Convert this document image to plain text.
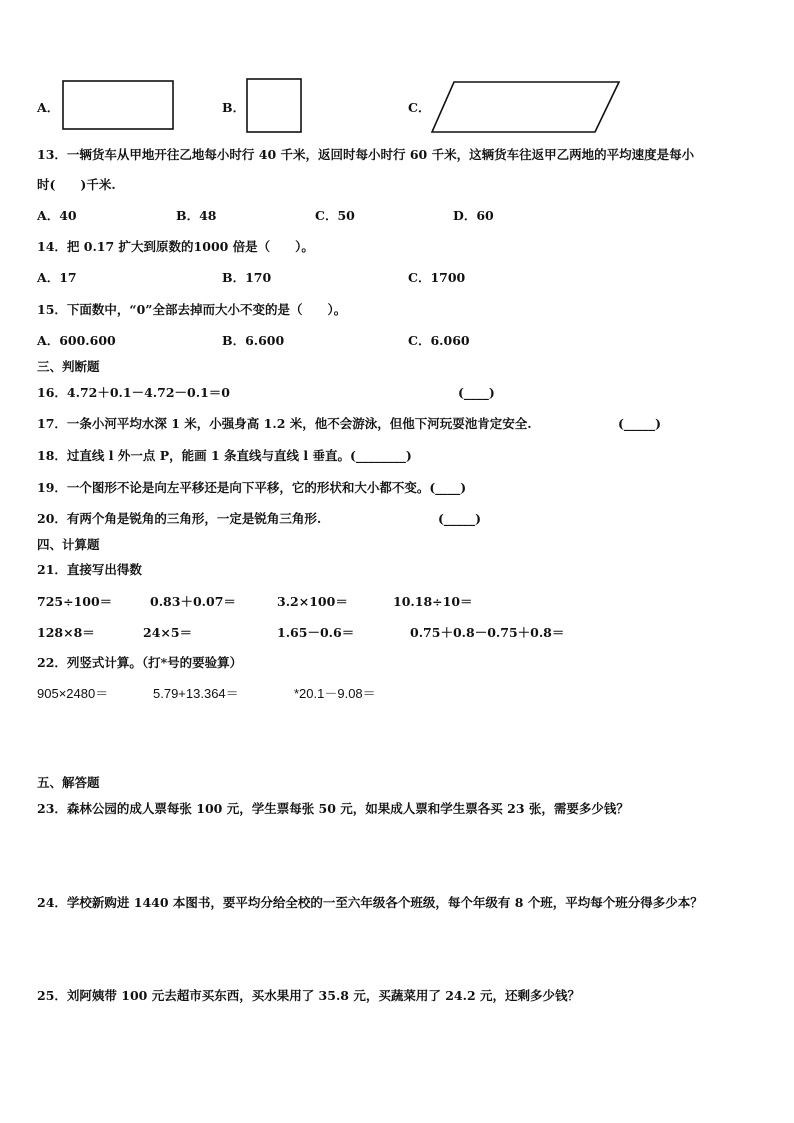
A．	B．	C．
13．一辆货车从甲地开往乙地每小时行 40 千米，返回时每小时行 60 千米，这辆货车往返甲乙两地的平均速度是每小
时(　　)千米.
A．40	B．48	C．50	D．60
14．把 0.17 扩大到原数的1000 倍是（　　）。
A．17	B．170	C．1700
15．下面数中，“0”全部去掉而大小不变的是（　　）。
A．600.600	B．6.600	C．6.060
三、判断题
16．4.72＋0.1－4.72－0.1＝0	(____)
17．一条小河平均水深 1 米，小强身高 1.2 米，他不会游泳，但他下河玩耍池肯定安全.	(_____)
18．过直线 l 外一点 P，能画 1 条直线与直线 l 垂直。(________)
19．一个图形不论是向左平移还是向下平移，它的形状和大小都不变。(____)
20．有两个角是锐角的三角形，一定是锐角三角形.	(_____)
四、计算题
21．直接写出得数
725÷100＝	0.83＋0.07＝	3.2×100＝	10.18÷10＝
128×8＝	24×5＝	1.65－0.6＝	0.75＋0.8－0.75＋0.8＝
22．列竖式计算。（打*号的要验算）
905×2480＝	5.79+13.364＝	*20.1－9.08＝
五、解答题
23．森林公园的成人票每张 100 元，学生票每张 50 元，如果成人票和学生票各买 23 张，需要多少钱？
24．学校新购进 1440 本图书，要平均分给全校的一至六年级各个班级，每个年级有 8 个班，平均每个班分得多少本？
25．刘阿姨带 100 元去超市买东西，买水果用了 35.8 元，买蔬菜用了 24.2 元，还剩多少钱？
